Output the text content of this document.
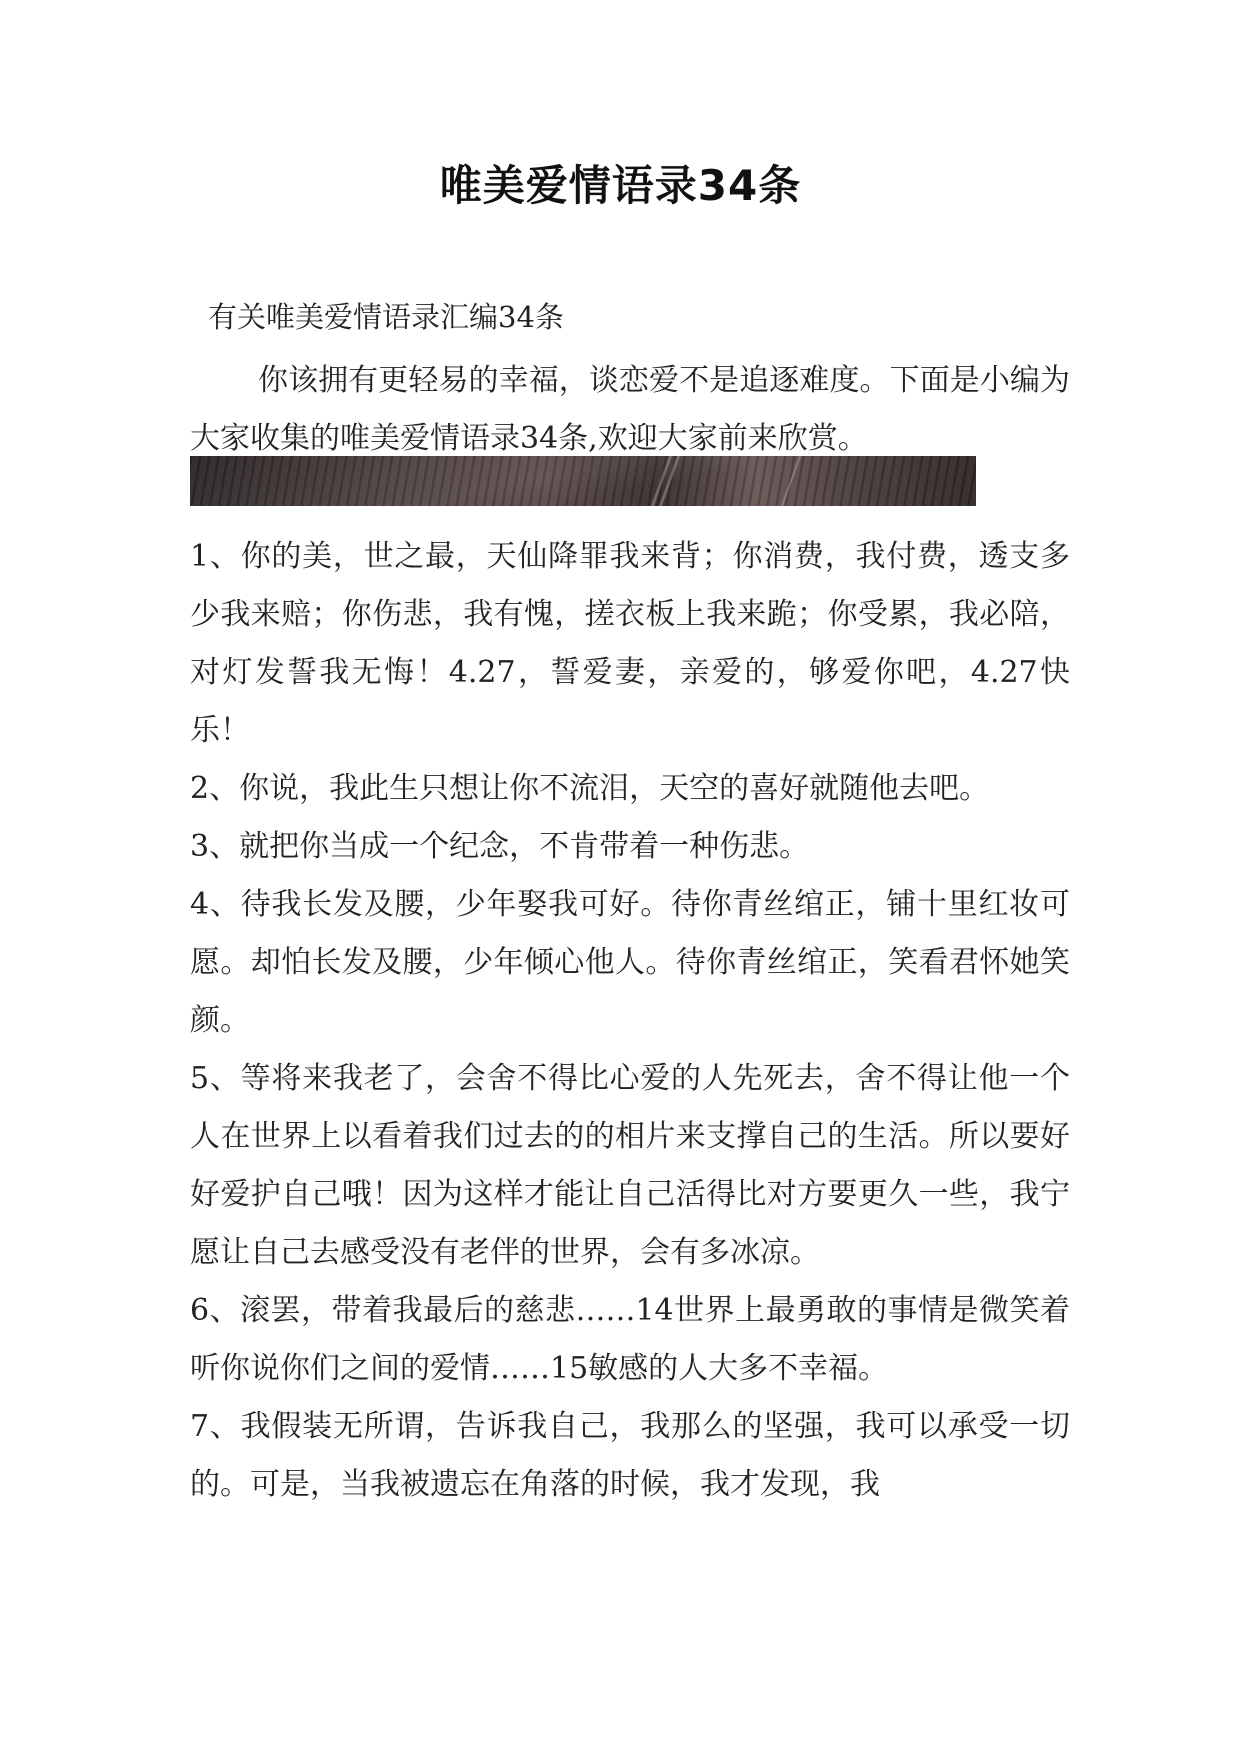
唯美爱情语录34条
有关唯美爱情语录汇编34条
你该拥有更轻易的幸福，谈恋爱不是追逐难度。下面是小编为大家收集的唯美爱情语录34条,欢迎大家前来欣赏。

1、你的美，世之最，天仙降罪我来背；你消费，我付费，透支多少我来赔；你伤悲，我有愧，搓衣板上我来跪；你受累，我必陪，对灯发誓我无悔！4.27，誓爱妻，亲爱的，够爱你吧，4.27快乐！

2、你说，我此生只想让你不流泪，天空的喜好就随他去吧。

3、就把你当成一个纪念，不肯带着一种伤悲。

4、待我长发及腰，少年娶我可好。待你青丝绾正，铺十里红妆可愿。却怕长发及腰，少年倾心他人。待你青丝绾正，笑看君怀她笑颜。

5、等将来我老了，会舍不得比心爱的人先死去，舍不得让他一个人在世界上以看着我们过去的的相片来支撑自己的生活。所以要好好爱护自己哦！因为这样才能让自己活得比对方要更久一些，我宁愿让自己去感受没有老伴的世界，会有多冰凉。

6、滚罢，带着我最后的慈悲……14世界上最勇敢的事情是微笑着听你说你们之间的爱情……15敏感的人大多不幸福。

7、我假装无所谓，告诉我自己，我那么的坚强，我可以承受一切的。可是，当我被遗忘在角落的时候，我才发现，我
